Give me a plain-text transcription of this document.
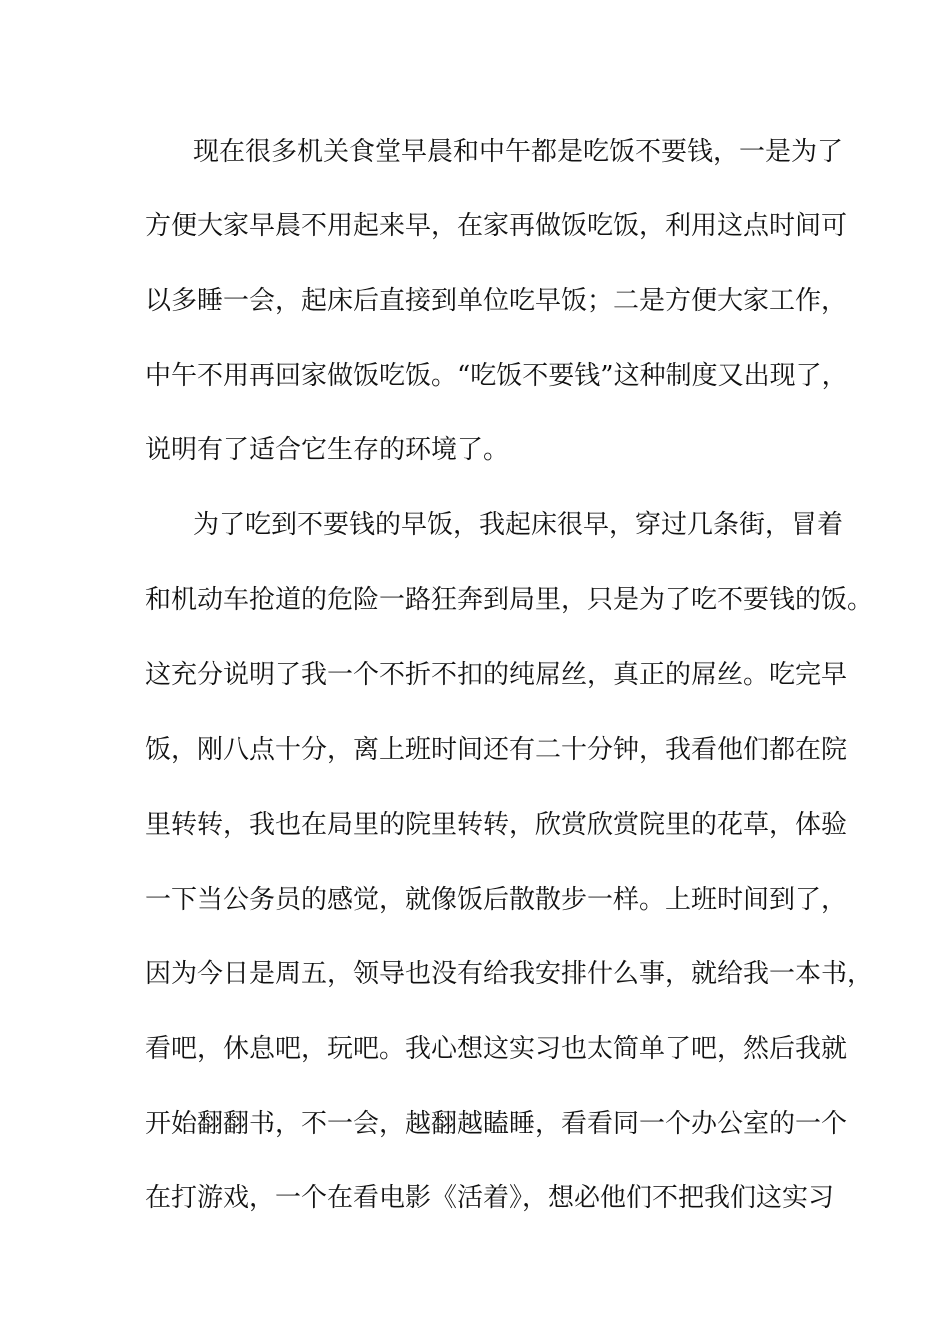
现在很多机关食堂早晨和中午都是吃饭不要钱，一是为了
方便大家早晨不用起来早，在家再做饭吃饭，利用这点时间可
以多睡一会，起床后直接到单位吃早饭；二是方便大家工作，
中午不用再回家做饭吃饭。“吃饭不要钱”这种制度又出现了，
说明有了适合它生存的环境了。
为了吃到不要钱的早饭，我起床很早，穿过几条街，冒着
和机动车抢道的危险一路狂奔到局里，只是为了吃不要钱的饭。
这充分说明了我一个不折不扣的纯屌丝，真正的屌丝。吃完早
饭，刚八点十分，离上班时间还有二十分钟，我看他们都在院
里转转，我也在局里的院里转转，欣赏欣赏院里的花草，体验
一下当公务员的感觉，就像饭后散散步一样。上班时间到了，
因为今日是周五，领导也没有给我安排什么事，就给我一本书，
看吧，休息吧，玩吧。我心想这实习也太简单了吧，然后我就
开始翻翻书，不一会，越翻越瞌睡，看看同一个办公室的一个
在打游戏，一个在看电影《活着》，想必他们不把我们这实习
